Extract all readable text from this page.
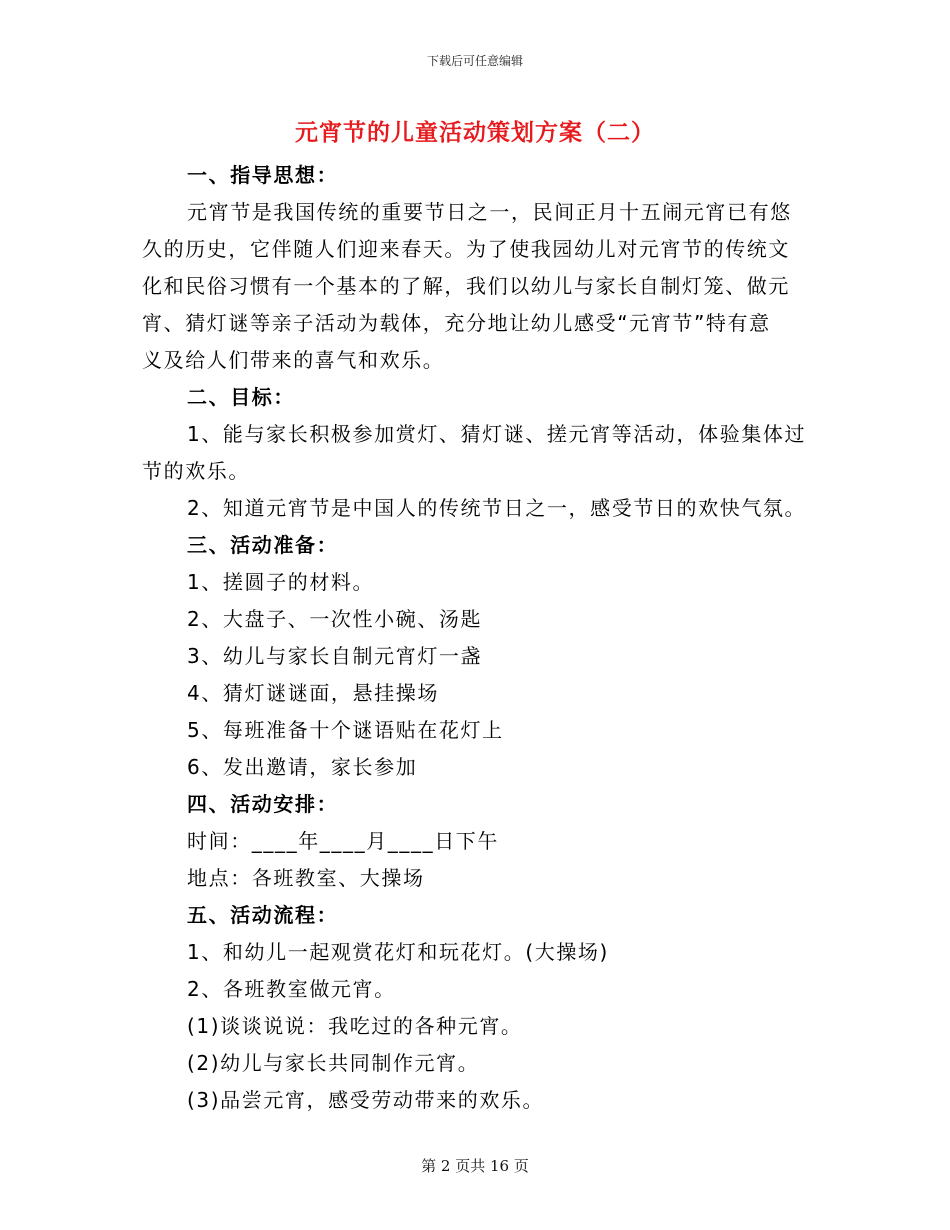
下载后可任意编辑
元宵节的儿童活动策划方案（二）
一、指导思想：
元宵节是我国传统的重要节日之一，民间正月十五闹元宵已有悠
久的历史，它伴随人们迎来春天。为了使我园幼儿对元宵节的传统文
化和民俗习惯有一个基本的了解，我们以幼儿与家长自制灯笼、做元
宵、猜灯谜等亲子活动为载体，充分地让幼儿感受“元宵节”特有意
义及给人们带来的喜气和欢乐。
二、目标：
1、能与家长积极参加赏灯、猜灯谜、搓元宵等活动，体验集体过
节的欢乐。
2、知道元宵节是中国人的传统节日之一，感受节日的欢快气氛。
三、活动准备：
1、搓圆子的材料。
2、大盘子、一次性小碗、汤匙
3、幼儿与家长自制元宵灯一盏
4、猜灯谜谜面，悬挂操场
5、每班准备十个谜语贴在花灯上
6、发出邀请，家长参加
四、活动安排：
时间：____年____月____日下午
地点：各班教室、大操场
五、活动流程：
1、和幼儿一起观赏花灯和玩花灯。(大操场)
2、各班教室做元宵。
(1)谈谈说说：我吃过的各种元宵。
(2)幼儿与家长共同制作元宵。
(3)品尝元宵，感受劳动带来的欢乐。
第 2 页共 16 页
